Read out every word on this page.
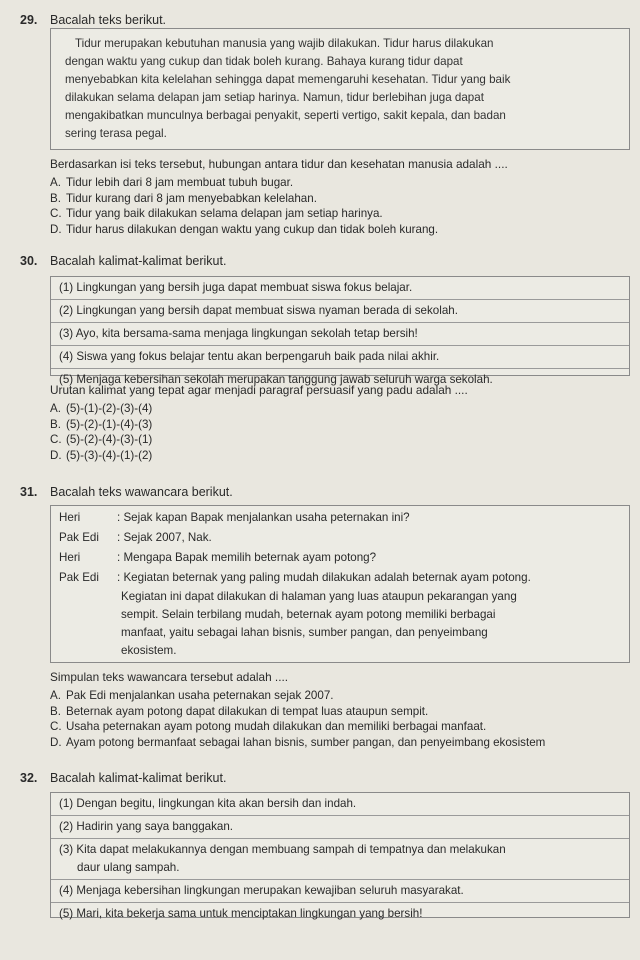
29. Bacalah teks berikut.
Tidur merupakan kebutuhan manusia yang wajib dilakukan. Tidur harus dilakukan
dengan waktu yang cukup dan tidak boleh kurang. Bahaya kurang tidur dapat
menyebabkan kita kelelahan sehingga dapat memengaruhi kesehatan. Tidur yang baik
dilakukan selama delapan jam setiap harinya. Namun, tidur berlebihan juga dapat
mengakibatkan munculnya berbagai penyakit, seperti vertigo, sakit kepala, dan badan
sering terasa pegal.
Berdasarkan isi teks tersebut, hubungan antara tidur dan kesehatan manusia adalah ....
A. Tidur lebih dari 8 jam membuat tubuh bugar.
B. Tidur kurang dari 8 jam menyebabkan kelelahan.
C. Tidur yang baik dilakukan selama delapan jam setiap harinya.
D. Tidur harus dilakukan dengan waktu yang cukup dan tidak boleh kurang.
30. Bacalah kalimat-kalimat berikut.
(1) Lingkungan yang bersih juga dapat membuat siswa fokus belajar.
(2) Lingkungan yang bersih dapat membuat siswa nyaman berada di sekolah.
(3) Ayo, kita bersama-sama menjaga lingkungan sekolah tetap bersih!
(4) Siswa yang fokus belajar tentu akan berpengaruh baik pada nilai akhir.
(5) Menjaga kebersihan sekolah merupakan tanggung jawab seluruh warga sekolah.
Urutan kalimat yang tepat agar menjadi paragraf persuasif yang padu adalah ....
A. (5)-(1)-(2)-(3)-(4)
B. (5)-(2)-(1)-(4)-(3)
C. (5)-(2)-(4)-(3)-(1)
D. (5)-(3)-(4)-(1)-(2)
31. Bacalah teks wawancara berikut.
Heri	: Sejak kapan Bapak menjalankan usaha peternakan ini?
Pak Edi	: Sejak 2007, Nak.
Heri	: Mengapa Bapak memilih beternak ayam potong?
Pak Edi	: Kegiatan beternak yang paling mudah dilakukan adalah beternak ayam potong.
Kegiatan ini dapat dilakukan di halaman yang luas ataupun pekarangan yang
sempit. Selain terbilang mudah, beternak ayam potong memiliki berbagai
manfaat, yaitu sebagai lahan bisnis, sumber pangan, dan penyeimbang
ekosistem.
Simpulan teks wawancara tersebut adalah ....
A. Pak Edi menjalankan usaha peternakan sejak 2007.
B. Beternak ayam potong dapat dilakukan di tempat luas ataupun sempit.
C. Usaha peternakan ayam potong mudah dilakukan dan memiliki berbagai manfaat.
D. Ayam potong bermanfaat sebagai lahan bisnis, sumber pangan, dan penyeimbang ekosistem
32. Bacalah kalimat-kalimat berikut.
(1) Dengan begitu, lingkungan kita akan bersih dan indah.
(2) Hadirin yang saya banggakan.
(3) Kita dapat melakukannya dengan membuang sampah di tempatnya dan melakukan
daur ulang sampah.
(4) Menjaga kebersihan lingkungan merupakan kewajiban seluruh masyarakat.
(5) Mari, kita bekerja sama untuk menciptakan lingkungan yang bersih!
